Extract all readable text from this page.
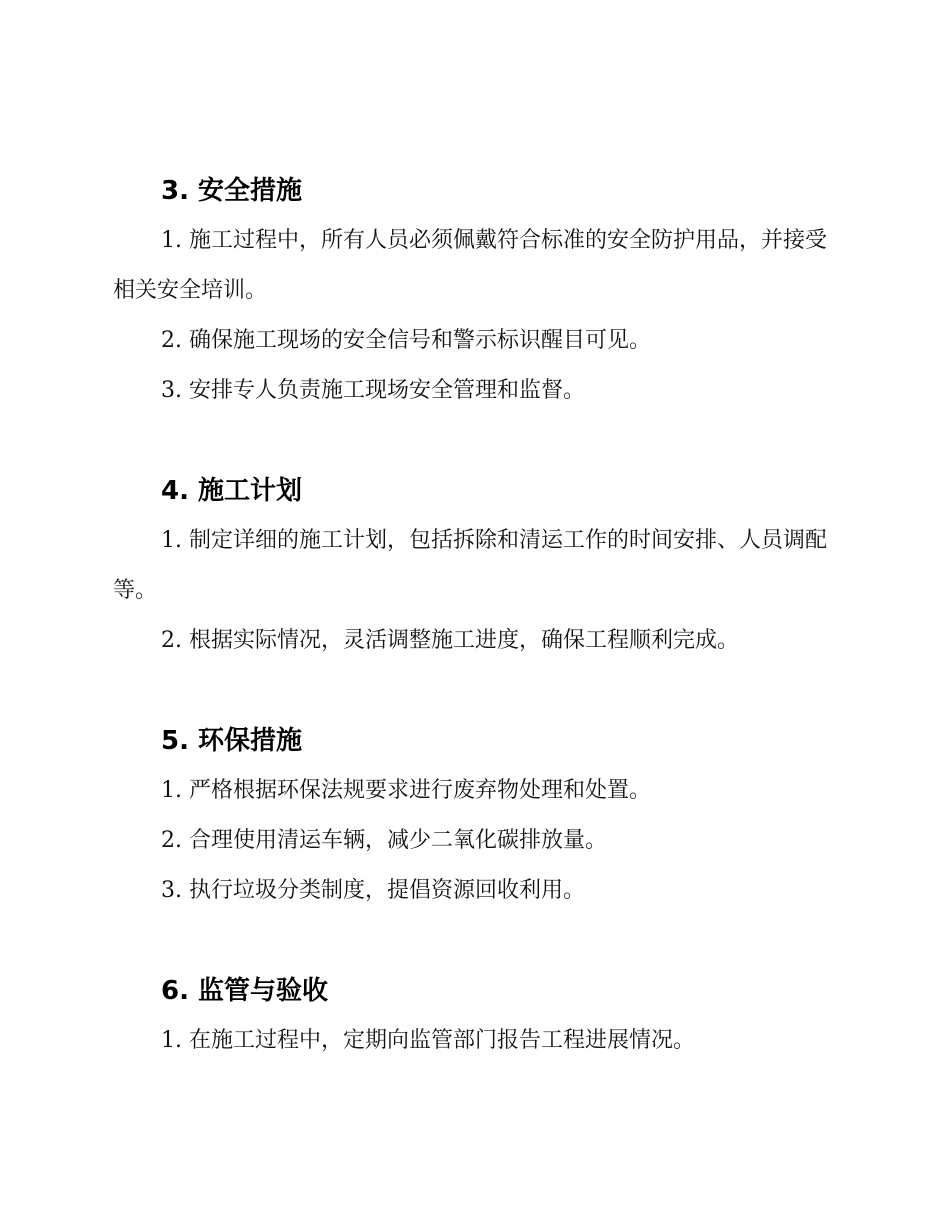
3. 安全措施

1. 施工过程中，所有人员必须佩戴符合标准的安全防护用品，并接受相关安全培训。

2. 确保施工现场的安全信号和警示标识醒目可见。

3. 安排专人负责施工现场安全管理和监督。

4. 施工计划

1. 制定详细的施工计划，包括拆除和清运工作的时间安排、人员调配等。

2. 根据实际情况，灵活调整施工进度，确保工程顺利完成。

5. 环保措施

1. 严格根据环保法规要求进行废弃物处理和处置。

2. 合理使用清运车辆，减少二氧化碳排放量。

3. 执行垃圾分类制度，提倡资源回收利用。

6. 监管与验收

1. 在施工过程中，定期向监管部门报告工程进展情况。
